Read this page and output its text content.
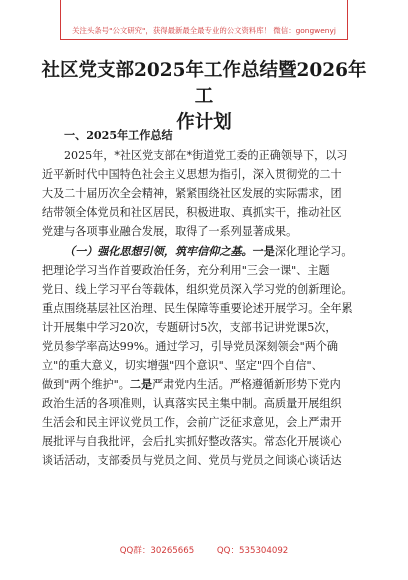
关注头条号"公文研究"，获得最新最全最专业的公文资料库！ 微信：gongwenyj
社区党支部2025年工作总结暨2026年工
作计划
一、2025年工作总结
2025年，*社区党支部在*街道党工委的正确领导下，以习
近平新时代中国特色社会主义思想为指引，深入贯彻党的二十
大及二十届历次全会精神，紧紧围绕社区发展的实际需求，团
结带领全体党员和社区居民，积极进取、真抓实干，推动社区
党建与各项事业融合发展，取得了一系列显著成果。
（一）强化思想引领，筑牢信仰之基。一是深化理论学习。
把理论学习当作首要政治任务，充分利用"三会一课"、主题
党日、线上学习平台等载体，组织党员深入学习党的创新理论。
重点围绕基层社区治理、民生保障等重要论述开展学习。全年累
计开展集中学习20次，专题研讨5次，支部书记讲党课5次，
党员参学率高达99%。通过学习，引导党员深刻领会"两个确
立"的重大意义，切实增强"四个意识"、坚定"四个自信"、
做到"两个维护"。二是严肃党内生活。严格遵循新形势下党内
政治生活的各项准则，认真落实民主集中制。高质量开展组织
生活会和民主评议党员工作，会前广泛征求意见，会上严肃开
展批评与自我批评，会后扎实抓好整改落实。常态化开展谈心
谈话活动，支部委员与党员之间、党员与党员之间谈心谈话达
QQ群：30265665	QQ：535304092
